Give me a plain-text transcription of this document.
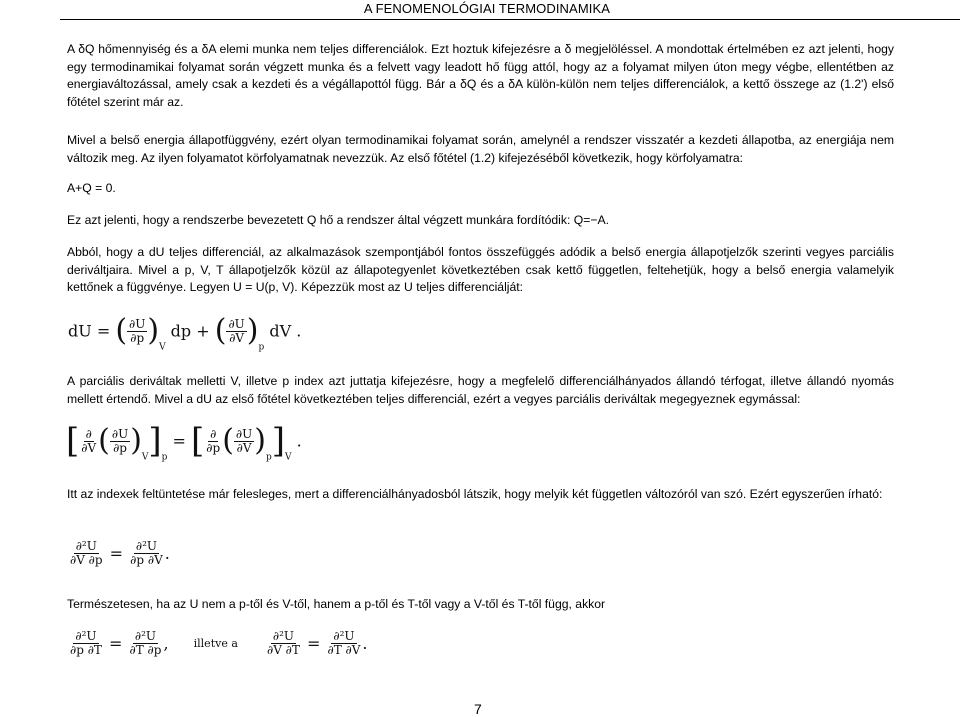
A FENOMENOLÓGIAI TERMODINAMIKA

A δQ hőmennyiség és a δA elemi munka nem teljes differenciálok. Ezt hoztuk kifejezésre a δ megjelöléssel. A mondottak értelmében ez azt jelenti, hogy egy termodinamikai folyamat során végzett munka és a felvett vagy leadott hő függ attól, hogy az a folyamat milyen úton megy végbe, ellentétben az energiaváltozással, amely csak a kezdeti és a végállapottól függ. Bár a δQ és a δA külön-külön nem teljes differenciálok, a kettő összege az (1.2') első főtétel szerint már az.

Mivel a belső energia állapotfüggvény, ezért olyan termodinamikai folyamat során, amelynél a rendszer visszatér a kezdeti állapotba, az energiája nem változik meg. Az ilyen folyamatot körfolyamatnak nevezzük. Az első főtétel (1.2) kifejezéséből következik, hogy körfolyamatra:

A+Q = 0.

Ez azt jelenti, hogy a rendszerbe bevezetett Q hő a rendszer által végzett munkára fordítódik: Q=−A.

Abból, hogy a dU teljes differenciál, az alkalmazások szempontjából fontos összefüggés adódik a belső energia állapotjelzők szerinti vegyes parciális deriváltjaira. Mivel a p, V, T állapotjelzők közül az állapotegyenlet következtében csak kettő független, feltehetjük, hogy a belső energia valamelyik kettőnek a függvénye. Legyen U = U(p, V). Képezzük most az U teljes differenciálját:

dU = ( $\frac{\partial U}{\partial p} )_V$ dp + ( $\frac{\partial U}{\partial V} )_p$ dV .

A parciális deriváltak melletti V, illetve p index azt juttatja kifejezésre, hogy a megfelelő differenciálhányados állandó térfogat, illetve állandó nyomás mellett értendő. Mivel a dU az első főtétel következtében teljes differenciál, ezért a vegyes parciális deriváltak megegyeznek egymással:

[ $\frac{\partial}{\partial V}$ ( $\frac{\partial U}{\partial p} )_V]_p$ = [ $\frac{\partial}{\partial p}$ ( $\frac{\partial U}{\partial V} )_p]_V$ .

Itt az indexek feltüntetése már felesleges, mert a differenciálhányadosból látszik, hogy melyik két független változóról van szó. Ezért egyszerűen írható:

$\frac{\text{∂²U}}{\partial V \partial p} = \frac{\text{∂²U}}{\partial p \partial V}$ .

Természetesen, ha az U nem a p-től és V-től, hanem a p-től és T-től vagy a V-től és T-től függ, akkor

$\frac{\text{∂²U}}{\partial p \partial T} = \frac{\text{∂²U}}{\partial T \partial p}$ , illetve a $\frac{\text{∂²U}}{\partial V \partial T} = \frac{\text{∂²U}}{\partial T \partial V}$ .
7
